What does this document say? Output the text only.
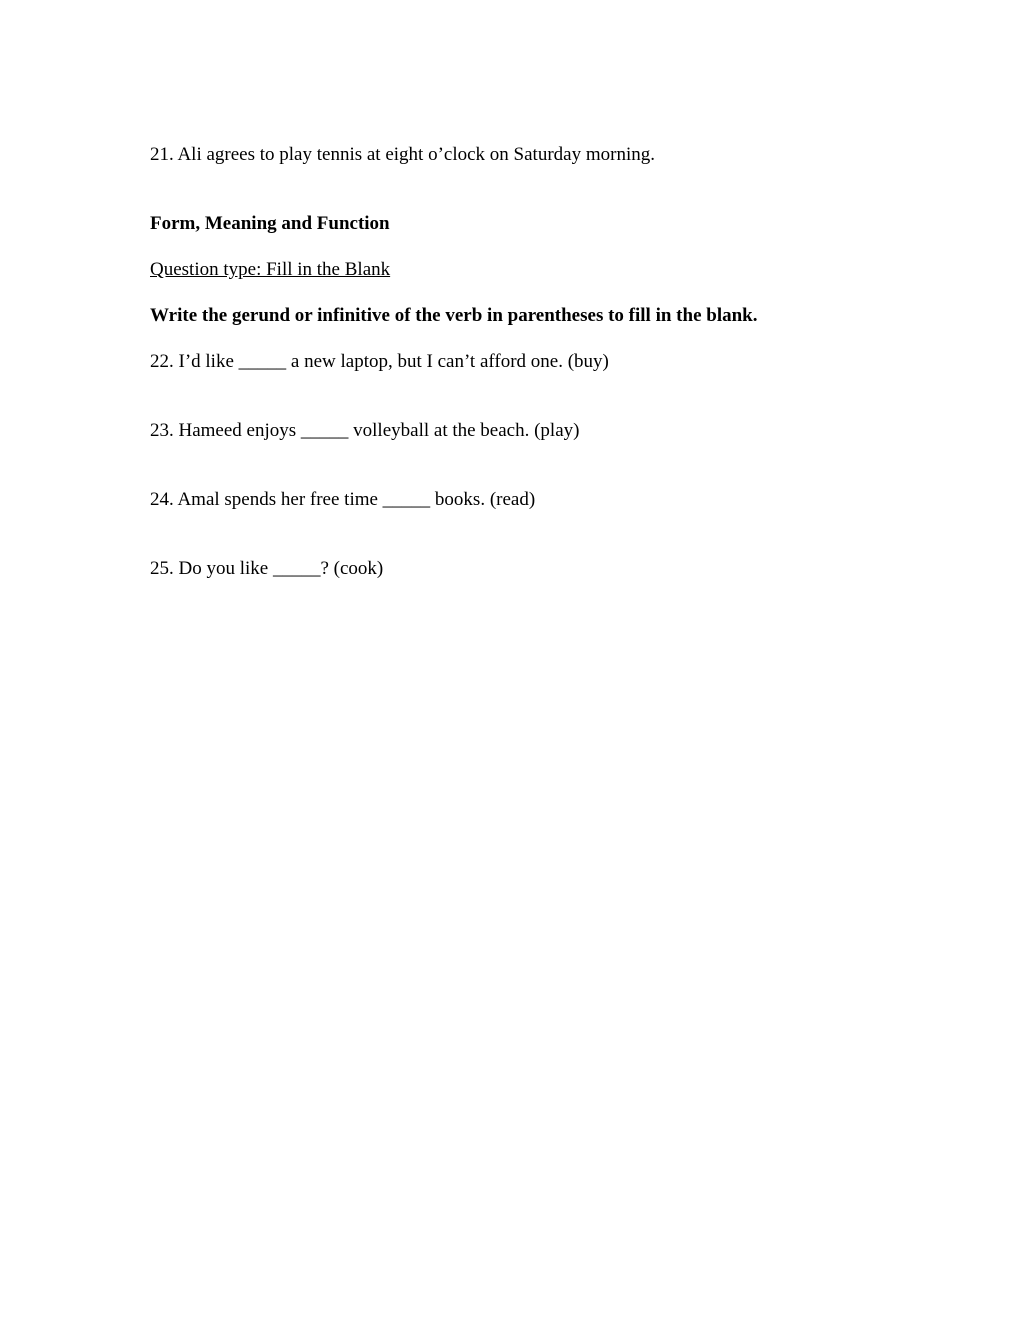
21. Ali agrees to play tennis at eight o’clock on Saturday morning.
Form, Meaning and Function
Question type: Fill in the Blank
Write the gerund or infinitive of the verb in parentheses to fill in the blank.
22. I’d like _____ a new laptop, but I can’t afford one. (buy)
23. Hameed enjoys _____ volleyball at the beach. (play)
24. Amal spends her free time _____ books. (read)
25. Do you like _____? (cook)
